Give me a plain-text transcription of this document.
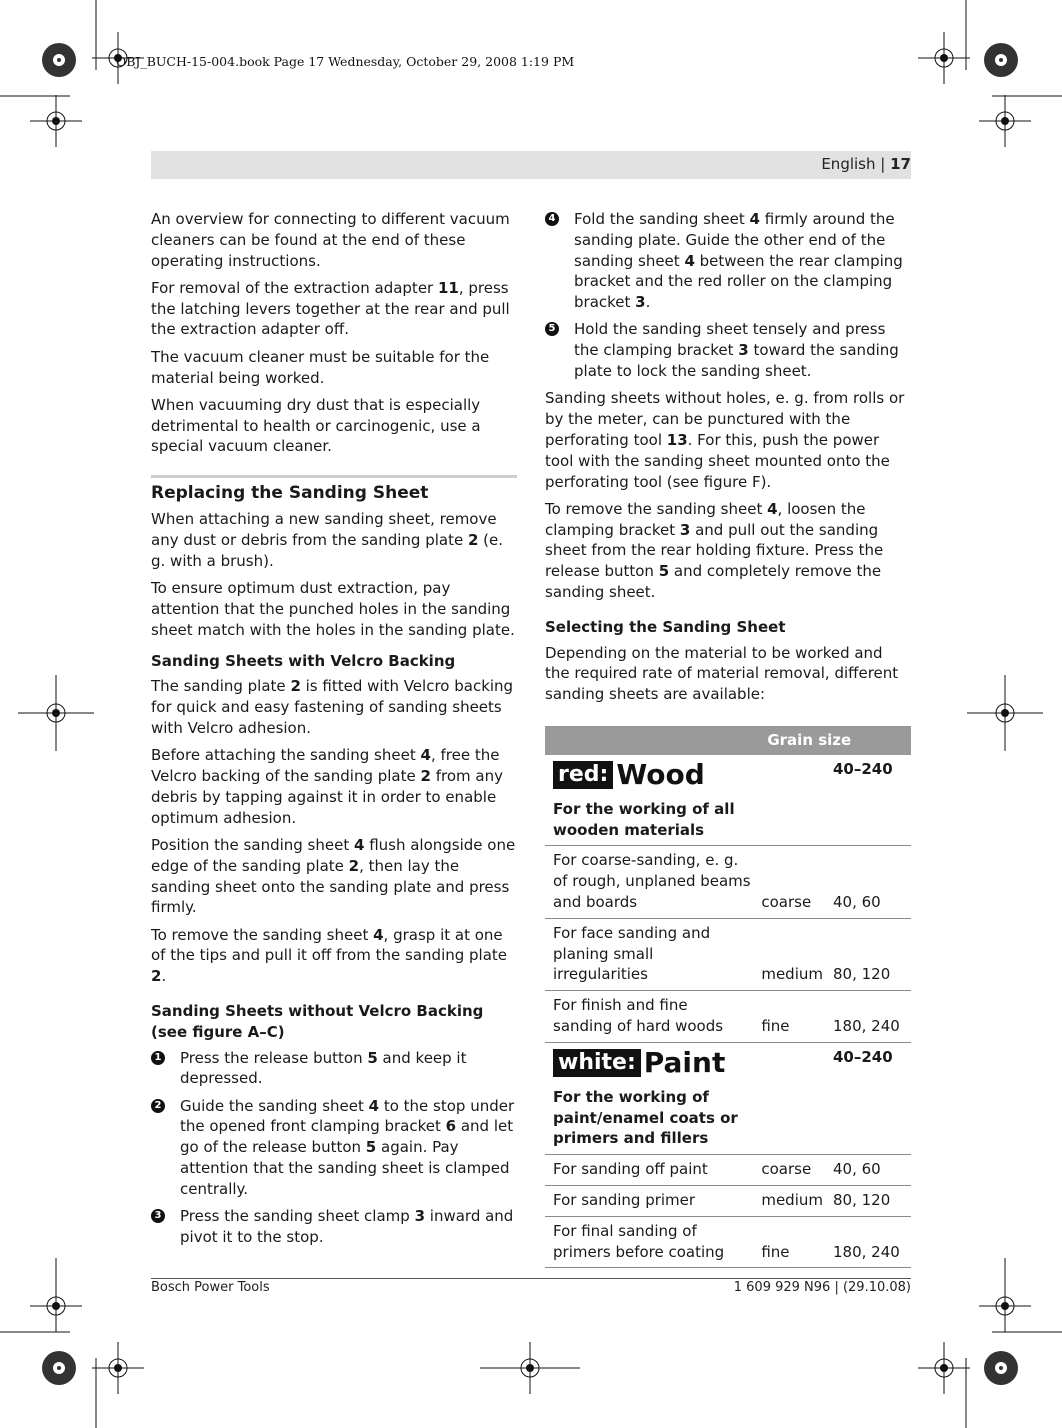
OBJ_BUCH-15-004.book Page 17 Wednesday, October 29, 2008 1:19 PM
English | 17

An overview for connecting to different vacuum cleaners can be found at the end of these operating instructions.

For removal of the extraction adapter 11, press the latching levers together at the rear and pull the extraction adapter off.

The vacuum cleaner must be suitable for the material being worked.

When vacuuming dry dust that is especially detrimental to health or carcinogenic, use a special vacuum cleaner.

Replacing the Sanding Sheet

When attaching a new sanding sheet, remove any dust or debris from the sanding plate 2 (e. g. with a brush).

To ensure optimum dust extraction, pay attention that the punched holes in the sanding sheet match with the holes in the sanding plate.

Sanding Sheets with Velcro Backing

The sanding plate 2 is fitted with Velcro backing for quick and easy fastening of sanding sheets with Velcro adhesion.

Before attaching the sanding sheet 4, free the Velcro backing of the sanding plate 2 from any debris by tapping against it in order to enable optimum adhesion.

Position the sanding sheet 4 flush alongside one edge of the sanding plate 2, then lay the sanding sheet onto the sanding plate and press firmly.

To remove the sanding sheet 4, grasp it at one of the tips and pull it off from the sanding plate 2.

Sanding Sheets without Velcro Backing
(see figure A–C)
1 Press the release button 5 and keep it depressed.
2 Guide the sanding sheet 4 to the stop under the opened front clamping bracket 6 and let go of the release button 5 again. Pay attention that the sanding sheet is clamped centrally.
3 Press the sanding sheet clamp 3 inward and pivot it to the stop.
4 Fold the sanding sheet 4 firmly around the sanding plate. Guide the other end of the sanding sheet 4 between the rear clamping bracket and the red roller on the clamping bracket 3.
5 Hold the sanding sheet tensely and press the clamping bracket 3 toward the sanding plate to lock the sanding sheet.

Sanding sheets without holes, e. g. from rolls or by the meter, can be punctured with the perforating tool 13. For this, push the power tool with the sanding sheet mounted onto the perforating tool (see figure F).

To remove the sanding sheet 4, loosen the clamping bracket 3 and pull out the sanding sheet from the rear holding fixture. Press the release button 5 and completely remove the sanding sheet.

Selecting the Sanding Sheet

Depending on the material to be worked and the required rate of material removal, different sanding sheets are available:

	Grain size	

red: Wood
For the working of all wooden materials		40–240
For coarse-sanding, e. g. of rough, unplaned beams and boards	coarse	40, 60
For face sanding and planing small irregularities	medium	80, 120
For finish and fine sanding of hard woods	fine	180, 240

white: Paint
For the working of paint/enamel coats or primers and fillers		40–240
For sanding off paint	coarse	40, 60
For sanding primer	medium	80, 120
For final sanding of primers before coating	fine	180, 240
Bosch Power Tools	1 609 929 N96 | (29.10.08)
